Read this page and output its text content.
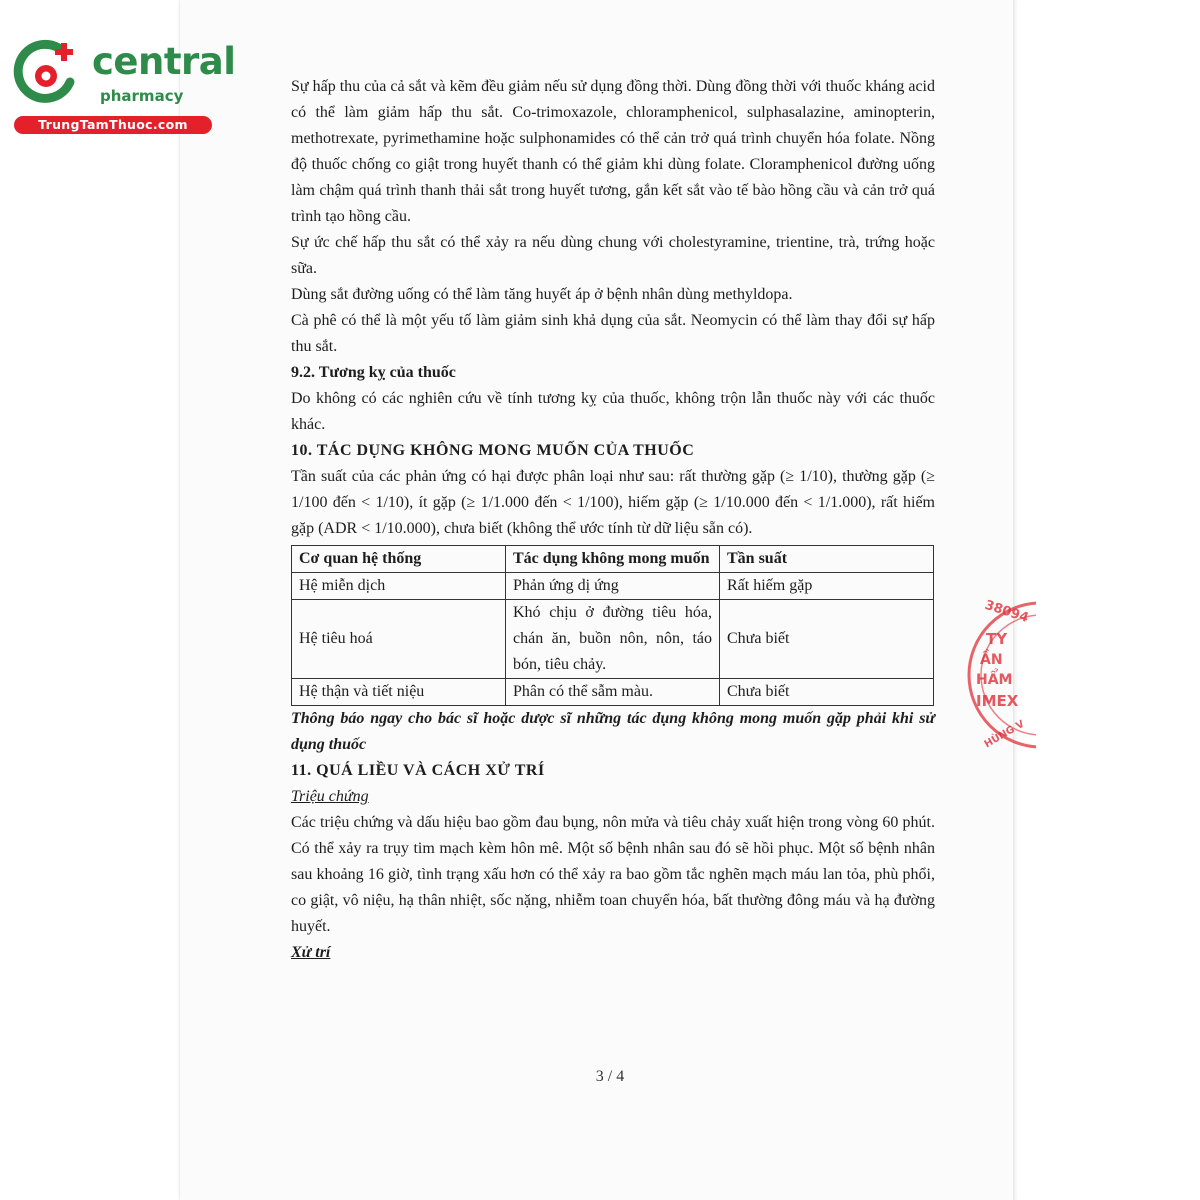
central
pharmacy
TrungTamThuoc.com

Sự hấp thu của cả sắt và kẽm đều giảm nếu sử dụng đồng thời. Dùng đồng thời với thuốc kháng acid có thể làm giảm hấp thu sắt. Co-trimoxazole, chloramphenicol, sulphasalazine, aminopterin, methotrexate, pyrimethamine hoặc sulphonamides có thể cản trở quá trình chuyển hóa folate. Nồng độ thuốc chống co giật trong huyết thanh có thể giảm khi dùng folate. Cloramphenicol đường uống làm chậm quá trình thanh thải sắt trong huyết tương, gắn kết sắt vào tế bào hồng cầu và cản trở quá trình tạo hồng cầu.

Sự ức chế hấp thu sắt có thể xảy ra nếu dùng chung với cholestyramine, trientine, trà, trứng hoặc sữa.

Dùng sắt đường uống có thể làm tăng huyết áp ở bệnh nhân dùng methyldopa.

Cà phê có thể là một yếu tố làm giảm sinh khả dụng của sắt. Neomycin có thể làm thay đổi sự hấp thu sắt.

9.2. Tương kỵ của thuốc

Do không có các nghiên cứu về tính tương kỵ của thuốc, không trộn lẫn thuốc này với các thuốc khác.

10. TÁC DỤNG KHÔNG MONG MUỐN CỦA THUỐC

Tần suất của các phản ứng có hại được phân loại như sau: rất thường gặp (≥ 1/10), thường gặp (≥ 1/100 đến < 1/10), ít gặp (≥ 1/1.000 đến < 1/100), hiếm gặp (≥ 1/10.000 đến < 1/1.000), rất hiếm gặp (ADR < 1/10.000), chưa biết (không thể ước tính từ dữ liệu sẵn có).

Cơ quan hệ thống	Tác dụng không mong muốn	Tần suất
Hệ miễn dịch	Phản ứng dị ứng	Rất hiếm gặp
Hệ tiêu hoá	Khó chịu ở đường tiêu hóa, chán ăn, buồn nôn, nôn, táo bón, tiêu chảy.	Chưa biết
Hệ thận và tiết niệu	Phân có thể sẫm màu.	Chưa biết

Thông báo ngay cho bác sĩ hoặc dược sĩ những tác dụng không mong muốn gặp phải khi sử dụng thuốc

11. QUÁ LIỀU VÀ CÁCH XỬ TRÍ

Triệu chứng

Các triệu chứng và dấu hiệu bao gồm đau bụng, nôn mửa và tiêu chảy xuất hiện trong vòng 60 phút. Có thể xảy ra trụy tim mạch kèm hôn mê. Một số bệnh nhân sau đó sẽ hồi phục. Một số bệnh nhân sau khoảng 16 giờ, tình trạng xấu hơn có thể xảy ra bao gồm tắc nghẽn mạch máu lan tỏa, phù phổi, co giật, vô niệu, hạ thân nhiệt, sốc nặng, nhiễm toan chuyển hóa, bất thường đông máu và hạ đường huyết.

Xử trí

3 / 4
38094
TY
ẦN
HẨM
IMEX
HÙNG V
